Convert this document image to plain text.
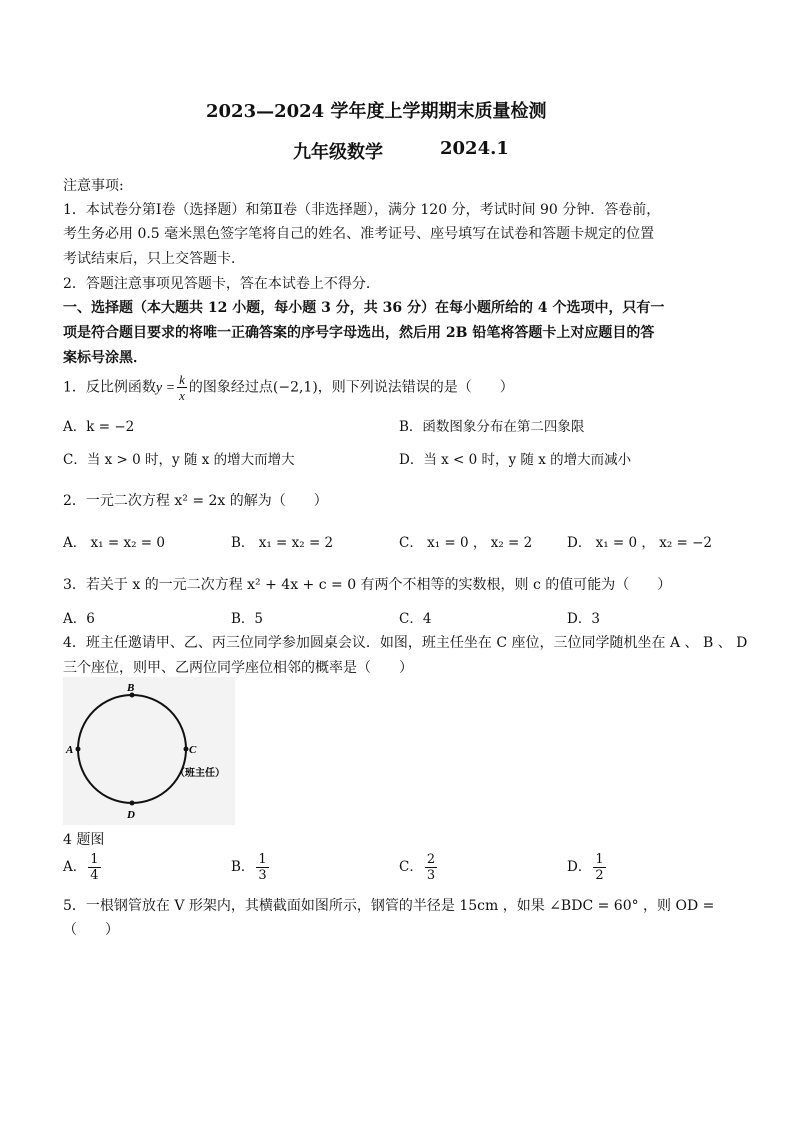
2023—2024 学年度上学期期末质量检测
九年级数学	2024.1
注意事项:
1．本试卷分第Ⅰ卷（选择题）和第Ⅱ卷（非选择题），满分 120 分，考试时间 90 分钟．答卷前，
考生务必用 0.5 毫米黑色签字笔将自己的姓名、准考证号、座号填写在试卷和答题卡规定的位置
考试结束后，只上交答题卡．
2．答题注意事项见答题卡，答在本试卷上不得分．
一、选择题（本大题共 12 小题，每小题 3 分，共 36 分）在每小题所给的 4 个选项中，只有一
项是符合题目要求的将唯一正确答案的序号字母选出，然后用 2B 铅笔将答题卡上对应题目的答
案标号涂黑．
1．反比例函数$y = \frac{k}{x}$ 的图象经过点(−2,1)，则下列说法错误的是（　　）
A．k = −2	B．函数图象分布在第二四象限
C．当 x > 0 时，y 随 x 的增大而增大	D．当 x < 0 时，y 随 x 的增大而减小
2．一元二次方程 x² = 2x 的解为（　　）
A． x₁ = x₂ = 0	B． x₁ = x₂ = 2	C． x₁ = 0 ， x₂ = 2	D． x₁ = 0 ， x₂ = −2
3．若关于 x 的一元二次方程 x² + 4x + c = 0 有两个不相等的实数根，则 c 的值可能为（　　）
A．6	B．5	C．4	D．3
4．班主任邀请甲、乙、丙三位同学参加圆桌会议．如图，班主任坐在 C 座位，三位同学随机坐在 A 、 B 、 D
三个座位，则甲、乙两位同学座位相邻的概率是（　　）
B
A	C
D
（班主任）
4 题图
A． $\frac{1}{4}$	B． $\frac{1}{3}$	C． $\frac{2}{3}$	D． $\frac{1}{2}$
5．一根钢管放在 V 形架内，其横截面如图所示，钢管的半径是 15cm ，如果 ∠BDC = 60° ，则 OD =
（　　）
